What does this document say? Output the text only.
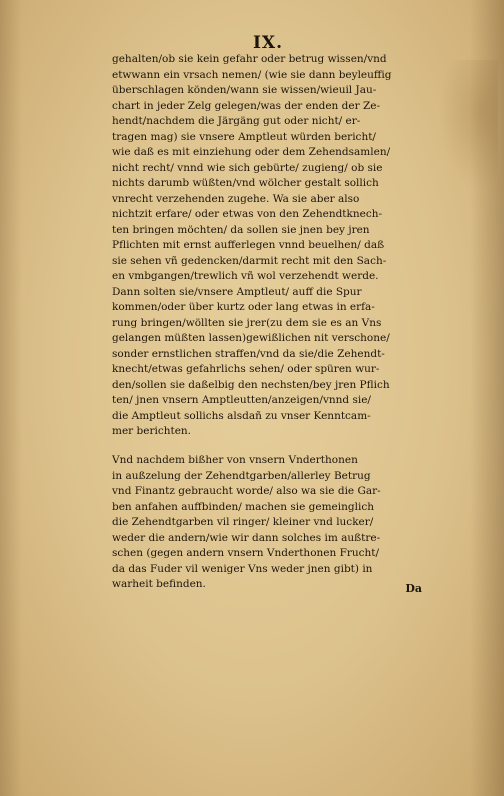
IX.
gehalten/ob sie kein gefahr oder betrug wissen/vnd
etwwann ein vrsach nemen/ (wie sie dann beyleuffig
überschlagen könden/wann sie wissen/wieuil Jau-
chart in jeder Zelg gelegen/was der enden der Ze-
hendt/nachdem die Järgäng gut oder nicht/ er-
tragen mag) sie vnsere Amptleut würden bericht/
wie daß es mit einziehung oder dem Zehendsamlen/
nicht recht/ vnnd wie sich gebürte/ zugieng/ ob sie
nichts darumb wüßten/vnd wölcher gestalt sollich
vnrecht verzehenden zugehe. Wa sie aber also
nichtzit erfare/ oder etwas von den Zehendtknech-
ten bringen möchten/ da sollen sie jnen bey jren
Pflichten mit ernst aufferlegen vnnd beuelhen/ daß
sie sehen vñ gedencken/darmit recht mit den Sach-
en vmbgangen/trewlich vñ wol verzehendt werde.
Dann solten sie/vnsere Amptleut/ auff die Spur
kommen/oder über kurtz oder lang etwas in erfa-
rung bringen/wöllten sie jrer(zu dem sie es an Vns
gelangen müßten lassen)gewißlichen nit verschone/
sonder ernstlichen straffen/vnd da sie/die Zehendt-
knecht/etwas gefahrlichs sehen/ oder spüren wur-
den/sollen sie daßelbig den nechsten/bey jren Pflich
ten/ jnen vnsern Amptleutten/anzeigen/vnnd sie/
die Amptleut sollichs alsdañ zu vnser Kenntcam-
mer berichten.
Vnd nachdem bißher von vnsern Vnderthonen
in außzelung der Zehendtgarben/allerley Betrug
vnd Finantz gebraucht worde/ also wa sie die Gar-
ben anfahen auffbinden/ machen sie gemeinglich
die Zehendtgarben vil ringer/ kleiner vnd lucker/
weder die andern/wie wir dann solches im außtre-
schen (gegen andern vnsern Vnderthonen Frucht/
da das Fuder vil weniger Vns weder jnen gibt) in
warheit befinden.	Da
